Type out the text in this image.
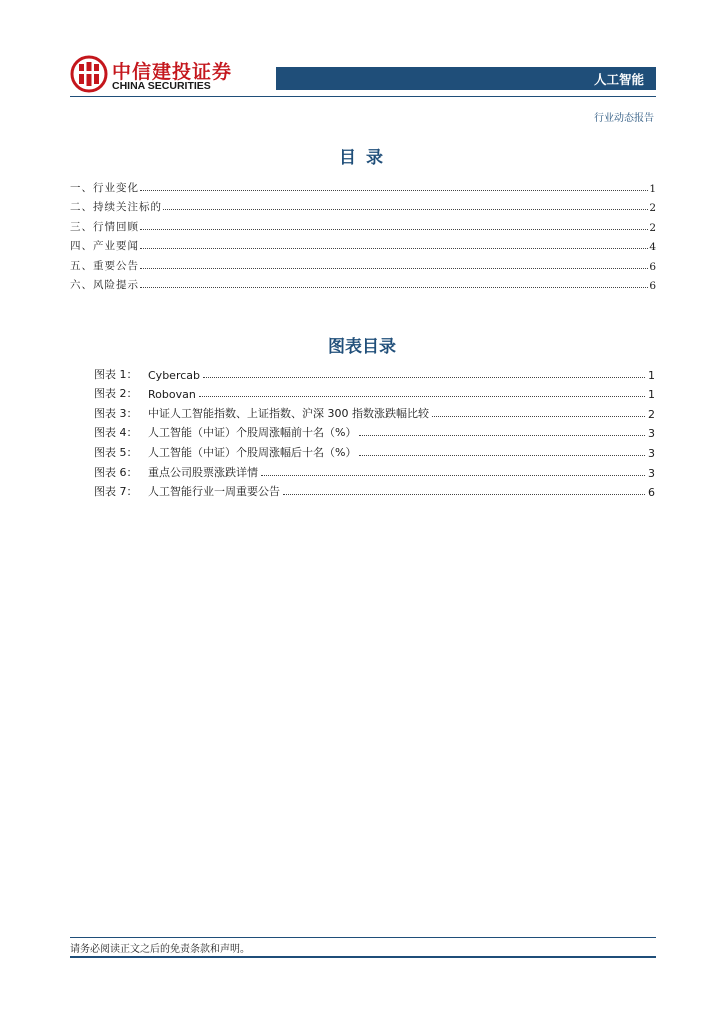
中信建投证券
CHINA SECURITIES	人工智能
行业动态报告
目 录
一、行业变化	1
二、持续关注标的	2
三、行情回顾	2
四、产业要闻	4
五、重要公告	6
六、风险提示	6
图表目录
图表 1： Cybercab	1
图表 2： Robovan	1
图表 3： 中证人工智能指数、上证指数、沪深 300 指数涨跌幅比较	2
图表 4： 人工智能（中证）个股周涨幅前十名（%）	3
图表 5： 人工智能（中证）个股周涨幅后十名（%）	3
图表 6： 重点公司股票涨跌详情	3
图表 7： 人工智能行业一周重要公告	6
请务必阅读正文之后的免责条款和声明。
